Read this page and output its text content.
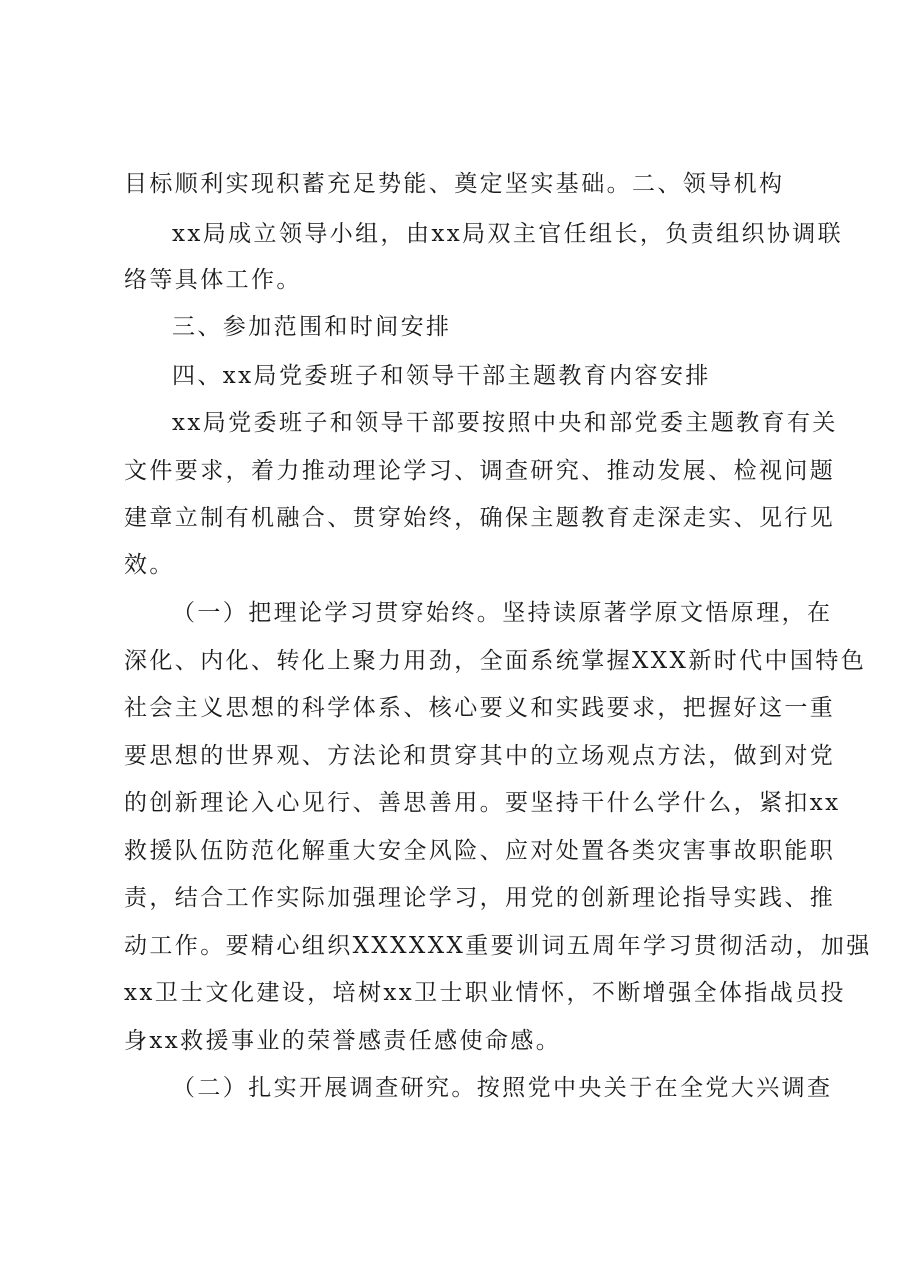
目标顺利实现积蓄充足势能、奠定坚实基础。二、领导机构
xx局成立领导小组，由xx局双主官任组长，负责组织协调联
络等具体工作。
三、参加范围和时间安排
四、xx局党委班子和领导干部主题教育内容安排
xx局党委班子和领导干部要按照中央和部党委主题教育有关
文件要求，着力推动理论学习、调查研究、推动发展、检视问题
建章立制有机融合、贯穿始终，确保主题教育走深走实、见行见
效。
（一）把理论学习贯穿始终。坚持读原著学原文悟原理，在
深化、内化、转化上聚力用劲，全面系统掌握XXX新时代中国特色
社会主义思想的科学体系、核心要义和实践要求，把握好这一重
要思想的世界观、方法论和贯穿其中的立场观点方法，做到对党
的创新理论入心见行、善思善用。要坚持干什么学什么，紧扣xx
救援队伍防范化解重大安全风险、应对处置各类灾害事故职能职
责，结合工作实际加强理论学习，用党的创新理论指导实践、推
动工作。要精心组织XXXXXX重要训词五周年学习贯彻活动，加强
xx卫士文化建设，培树xx卫士职业情怀，不断增强全体指战员投
身xx救援事业的荣誉感责任感使命感。
（二）扎实开展调查研究。按照党中央关于在全党大兴调查
